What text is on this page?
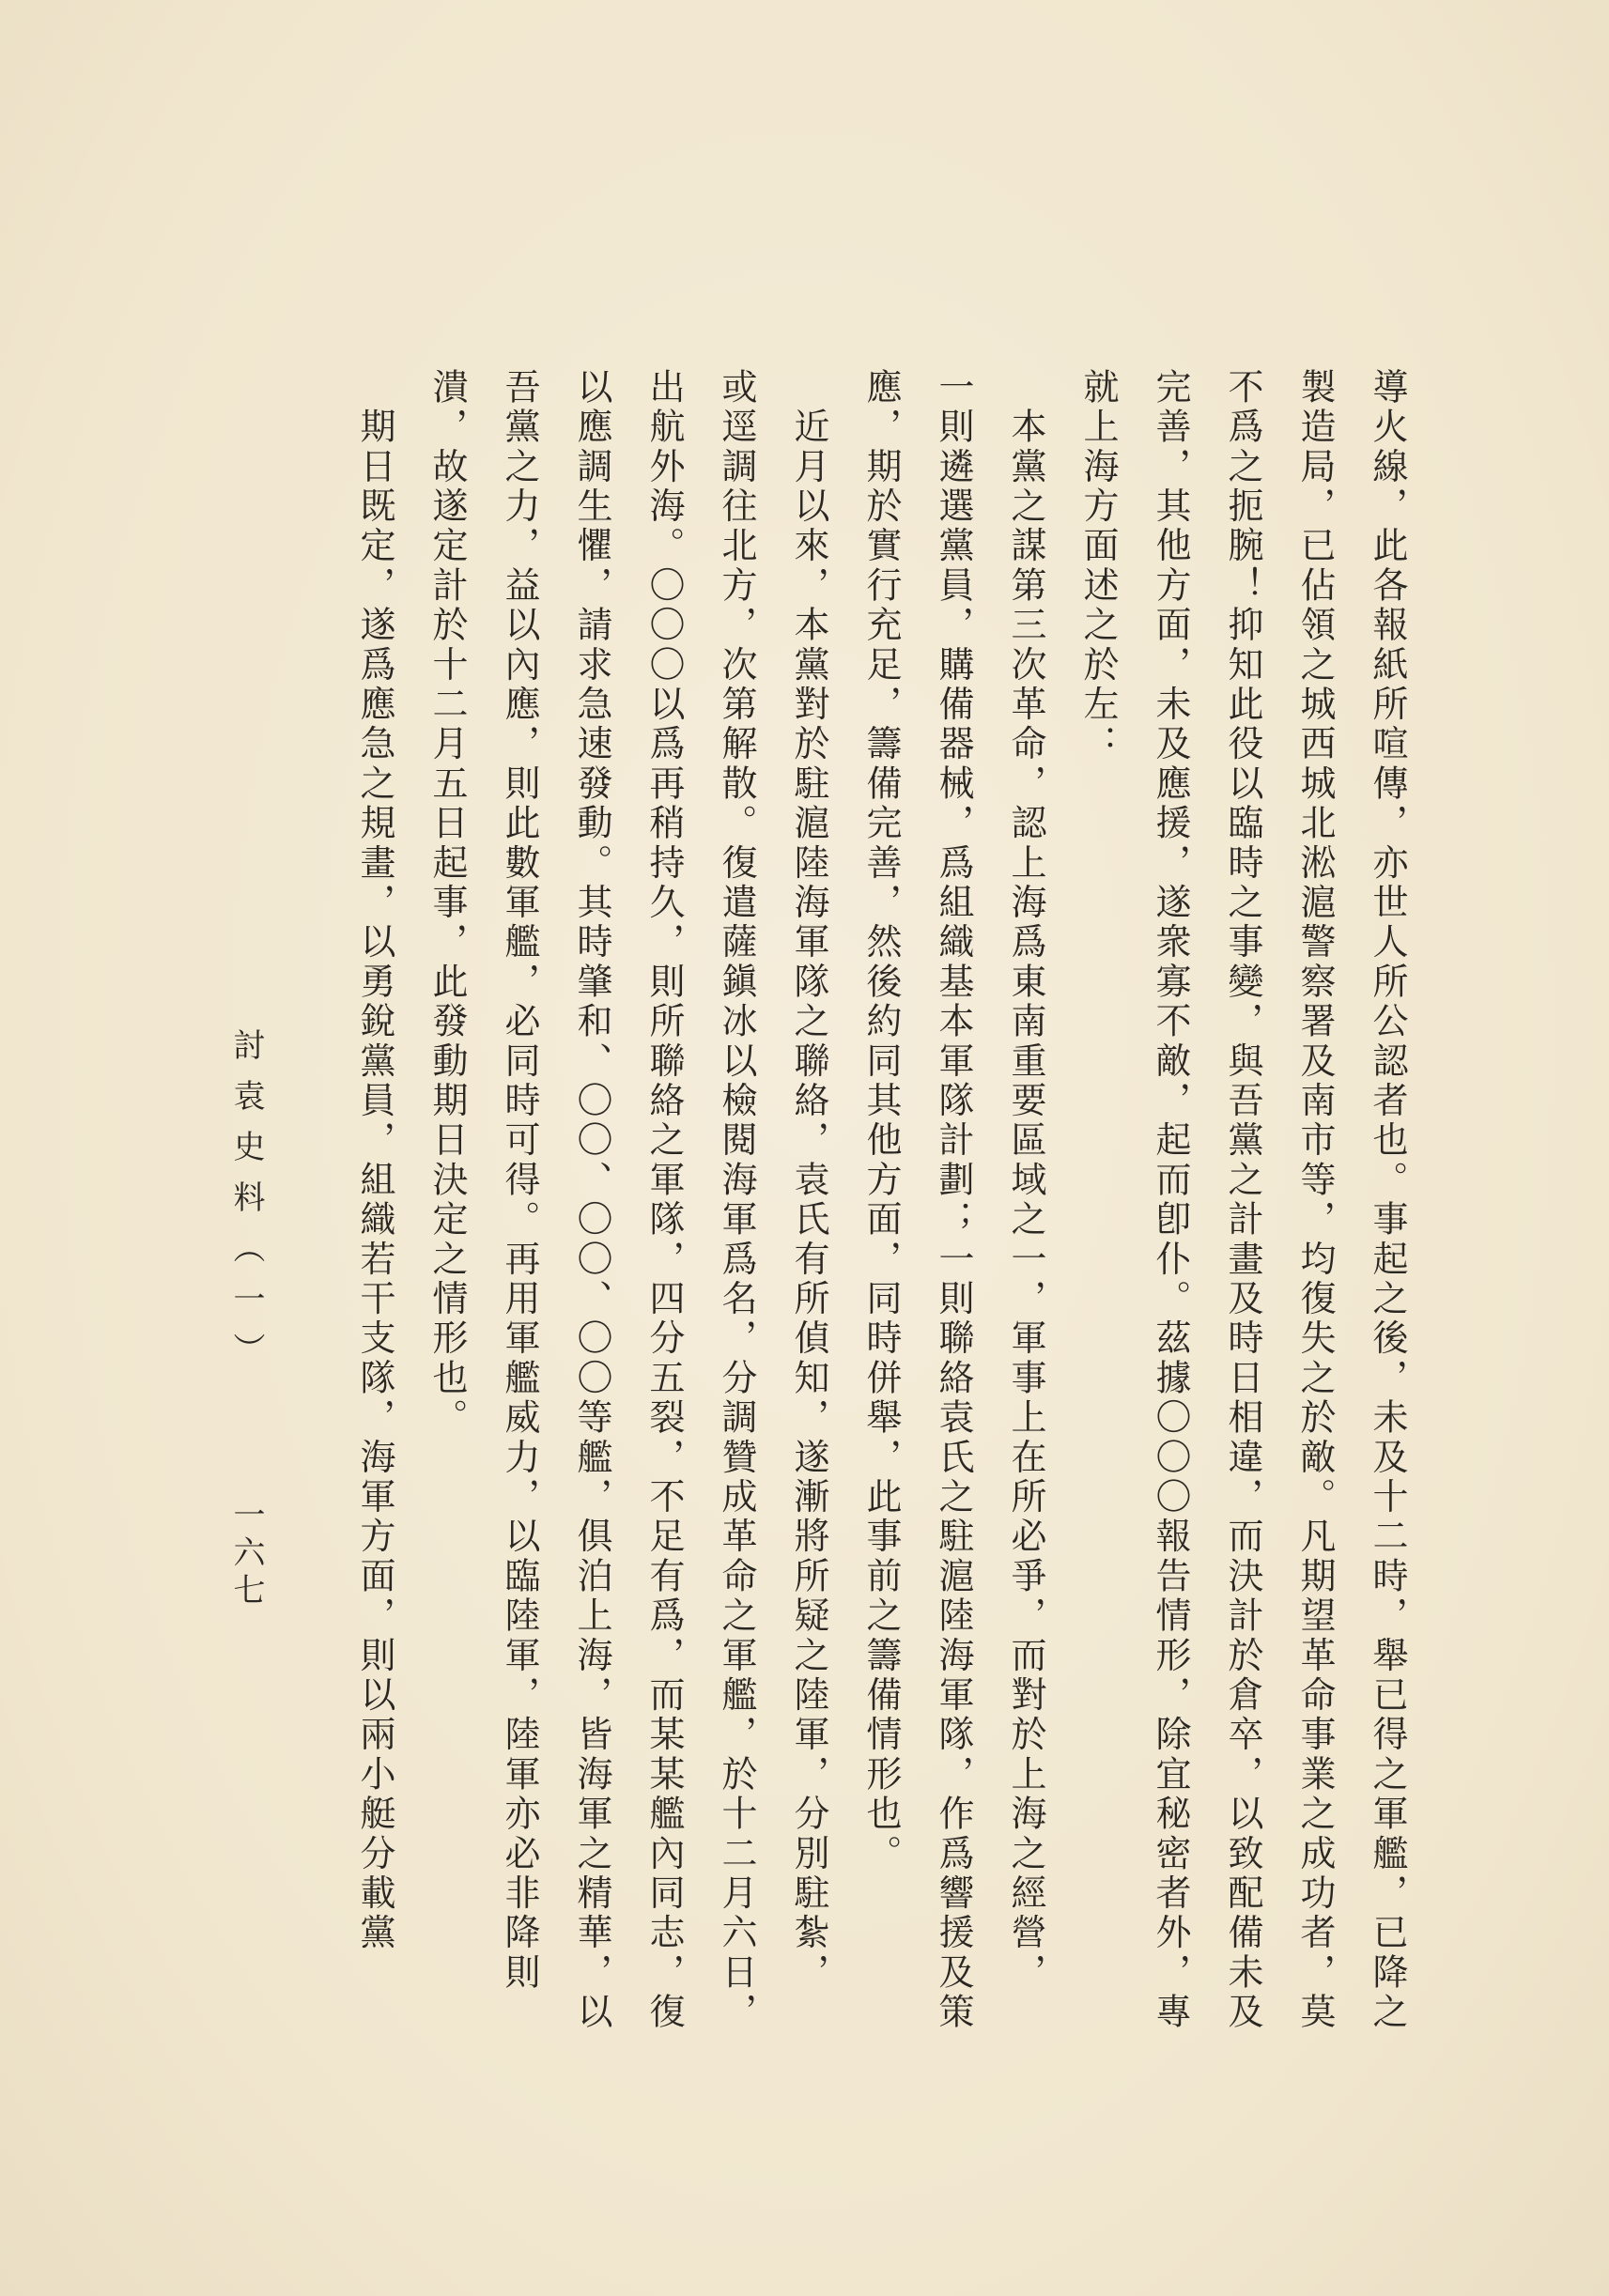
導火線，此各報紙所喧傳，亦世人所公認者也。事起之後，未及十二時，舉已得之軍艦，已降之
製造局，已佔領之城西城北淞滬警察署及南市等，均復失之於敵。凡期望革命事業之成功者，莫
不爲之扼腕！抑知此役以臨時之事變，與吾黨之計畫及時日相違，而決計於倉卒，以致配備未及
完善，其他方面，未及應援，遂衆寡不敵，起而卽仆。茲據〇〇〇報告情形，除宜秘密者外，專
就上海方面述之於左：
　本黨之謀第三次革命，認上海爲東南重要區域之一，軍事上在所必爭，而對於上海之經營，
一則遴選黨員，購備器械，爲組織基本軍隊計劃；一則聯絡袁氏之駐滬陸海軍隊，作爲響援及策
應，期於實行充足，籌備完善，然後約同其他方面，同時併舉，此事前之籌備情形也。
　近月以來，本黨對於駐滬陸海軍隊之聯絡，袁氏有所偵知，遂漸將所疑之陸軍，分別駐紮，
或逕調往北方，次第解散。復遣薩鎭冰以檢閱海軍爲名，分調贊成革命之軍艦，於十二月六日，
出航外海。〇〇〇以爲再稍持久，則所聯絡之軍隊，四分五裂，不足有爲，而某某艦內同志，復
以應調生懼，請求急速發動。其時肇和、〇〇、〇〇、〇〇等艦，俱泊上海，皆海軍之精華，以
吾黨之力，益以內應，則此數軍艦，必同時可得。再用軍艦威力，以臨陸軍，陸軍亦必非降則
潰，故遂定計於十二月五日起事，此發動期日決定之情形也。
　期日既定，遂爲應急之規畫，以勇銳黨員，組織若干支隊，海軍方面，則以兩小艇分載黨
討袁史料（一）
一六七
